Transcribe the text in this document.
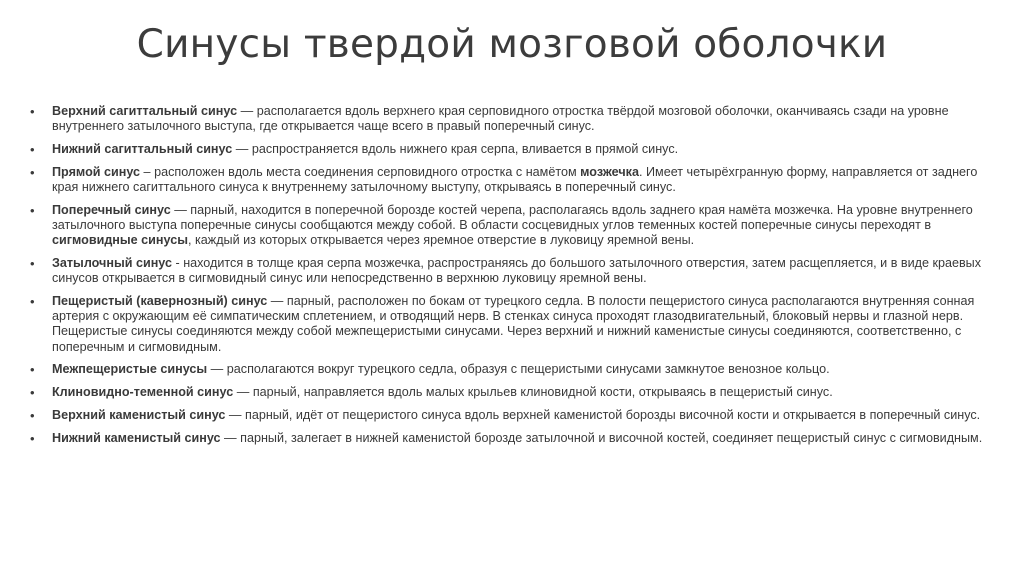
Синусы твердой мозговой оболочки
• Верхний сагиттальный синус — располагается вдоль верхнего края серповидного отростка твёрдой мозговой оболочки, оканчиваясь сзади на уровне внутреннего затылочного выступа, где открывается чаще всего в правый поперечный синус.
• Нижний сагиттальный синус — распространяется вдоль нижнего края серпа, вливается в прямой синус.
• Прямой синус – расположен вдоль места соединения серповидного отростка с намётом мозжечка. Имеет четырёхгранную форму, направляется от заднего края нижнего сагиттального синуса к внутреннему затылочному выступу, открываясь в поперечный синус.
• Поперечный синус — парный, находится в поперечной борозде костей черепа, располагаясь вдоль заднего края намёта мозжечка. На уровне внутреннего затылочного выступа поперечные синусы сообщаются между собой. В области сосцевидных углов теменных костей поперечные синусы переходят в сигмовидные синусы, каждый из которых открывается через яремное отверстие в луковицу яремной вены.
• Затылочный синус - находится в толще края серпа мозжечка, распространяясь до большого затылочного отверстия, затем расщепляется, и в виде краевых синусов открывается в сигмовидный синус или непосредственно в верхнюю луковицу яремной вены.
• Пещеристый (кавернозный) синус — парный, расположен по бокам от турецкого седла. В полости пещеристого синуса располагаются внутренняя сонная артерия с окружающим её симпатическим сплетением, и отводящий нерв. В стенках синуса проходят глазодвигательный, блоковый нервы и глазной нерв. Пещеристые синусы соединяются между собой межпещеристыми синусами. Через верхний и нижний каменистые синусы соединяются, соответственно, с поперечным и сигмовидным.
• Межпещеристые синусы — располагаются вокруг турецкого седла, образуя с пещеристыми синусами замкнутое венозное кольцо.
• Клиновидно-теменной синус — парный, направляется вдоль малых крыльев клиновидной кости, открываясь в пещеристый синус.
• Верхний каменистый синус — парный, идёт от пещеристого синуса вдоль верхней каменистой борозды височной кости и открывается в поперечный синус.
• Нижний каменистый синус — парный, залегает в нижней каменистой борозде затылочной и височной костей, соединяет пещеристый синус с сигмовидным.
